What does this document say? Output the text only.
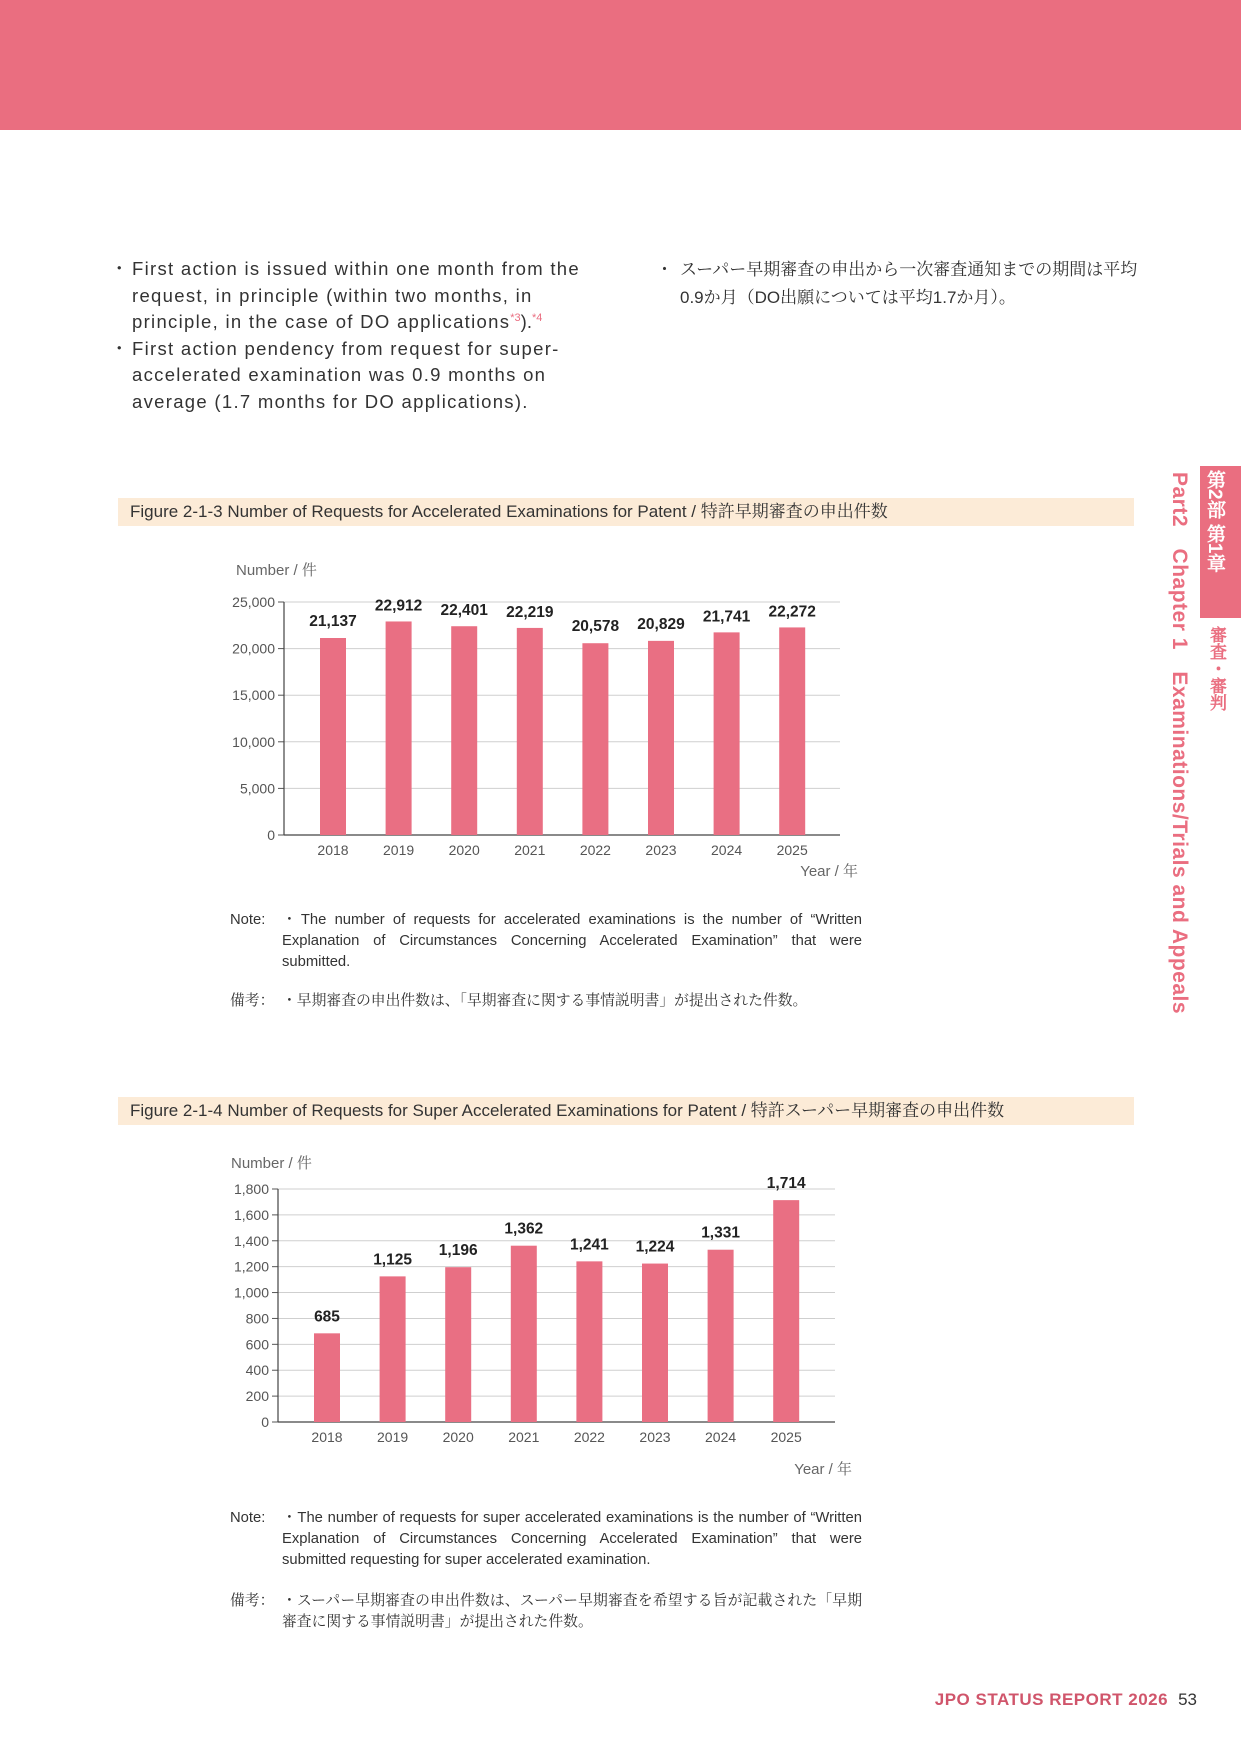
・ First action is issued within one month from the request, in principle (within two months, in principle, in the case of DO applications$^{*3}$).$^{*4}$
・ First action pendency from request for super-accelerated examination was 0.9 months on average (1.7 months for DO applications).
・ スーパー早期審査の申出から一次審査通知までの期間は平均0.9か月（DO出願については平均1.7か月）。
Figure 2-1-3 Number of Requests for Accelerated Examinations for Patent / 特許早期審査の申出件数
Number / 件
Year / 年
0
5,000
10,000
15,000
20,000
25,000
21,137
2018
22,912
2019
22,401
2020
22,219
2021
20,578
2022
20,829
2023
21,741
2024
22,272
2025
Note: ・The number of requests for accelerated examinations is the number of “Written Explanation of Circumstances Concerning Accelerated Examination” that were submitted.
備考： ・早期審査の申出件数は、「早期審査に関する事情説明書」が提出された件数。
Figure 2-1-4 Number of Requests for Super Accelerated Examinations for Patent / 特許スーパー早期審査の申出件数
Number / 件
Year / 年
0
200
400
600
800
1,000
1,200
1,400
1,600
1,800
685
2018
1,125
2019
1,196
2020
1,362
2021
1,241
2022
1,224
2023
1,331
2024
1,714
2025
Note: ・The number of requests for super accelerated examinations is the number of “Written Explanation of Circumstances Concerning Accelerated Examination” that were submitted requesting for super accelerated examination.
備考： ・スーパー早期審査の申出件数は、スーパー早期審査を希望する旨が記載された「早期審査に関する事情説明書」が提出された件数。
第2部 第1章
審査・審判
Part2　Chapter 1　Examinations/Trials and Appeals
JPO STATUS REPORT 2026 53
